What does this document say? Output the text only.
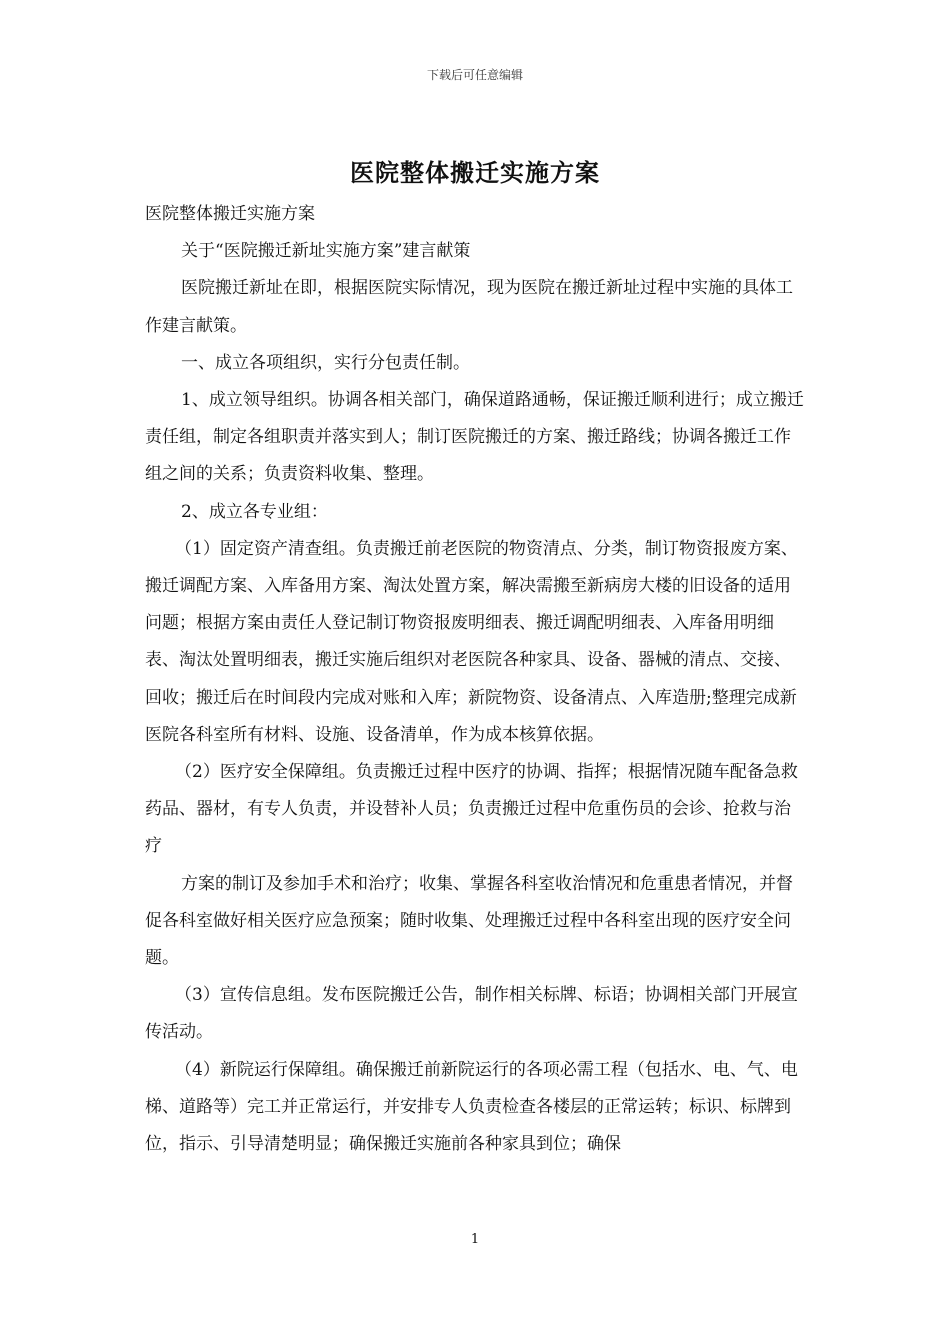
下载后可任意编辑
医院整体搬迁实施方案

医院整体搬迁实施方案

关于“医院搬迁新址实施方案”建言献策

医院搬迁新址在即，根据医院实际情况，现为医院在搬迁新址过程中实施的具体工作建言献策。

一、成立各项组织，实行分包责任制。

1、成立领导组织。协调各相关部门，确保道路通畅，保证搬迁顺利进行；成立搬迁责任组，制定各组职责并落实到人；制订医院搬迁的方案、搬迁路线；协调各搬迁工作组之间的关系；负责资料收集、整理。

2、成立各专业组：

（1）固定资产清查组。负责搬迁前老医院的物资清点、分类，制订物资报废方案、搬迁调配方案、入库备用方案、淘汰处置方案，解决需搬至新病房大楼的旧设备的适用问题；根据方案由责任人登记制订物资报废明细表、搬迁调配明细表、入库备用明细表、淘汰处置明细表，搬迁实施后组织对老医院各种家具、设备、器械的清点、交接、回收；搬迁后在时间段内完成对账和入库；新院物资、设备清点、入库造册;整理完成新医院各科室所有材料、设施、设备清单，作为成本核算依据。

（2）医疗安全保障组。负责搬迁过程中医疗的协调、指挥；根据情况随车配备急救药品、器材，有专人负责，并设替补人员；负责搬迁过程中危重伤员的会诊、抢救与治疗

方案的制订及参加手术和治疗；收集、掌握各科室收治情况和危重患者情况，并督促各科室做好相关医疗应急预案；随时收集、处理搬迁过程中各科室出现的医疗安全问题。

（3）宣传信息组。发布医院搬迁公告，制作相关标牌、标语；协调相关部门开展宣传活动。

（4）新院运行保障组。确保搬迁前新院运行的各项必需工程（包括水、电、气、电梯、道路等）完工并正常运行，并安排专人负责检查各楼层的正常运转；标识、标牌到位，指示、引导清楚明显；确保搬迁实施前各种家具到位；确保

1
